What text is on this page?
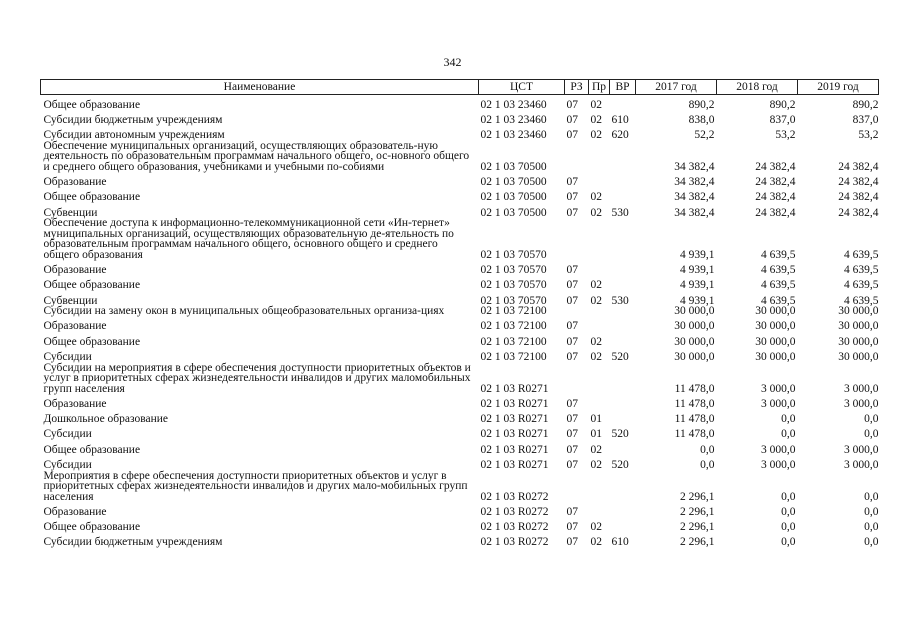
342
Наименование	ЦСТ	РЗ	Пр	ВР	2017 год	2018 год	2019 год
Общее образование	02 1 03 23460	07	02		890,2	890,2	890,2
Субсидии бюджетным учреждениям	02 1 03 23460	07	02	610	838,0	837,0	837,0
Субсидии автономным учреждениям	02 1 03 23460	07	02	620	52,2	53,2	53,2
Обеспечение муниципальных организаций, осуществляющих образователь-ную деятельность по образовательным программам начального общего, ос-новного общего и среднего общего образования, учебниками и учебными по-собиями	02 1 03 70500				34 382,4	24 382,4	24 382,4
Образование	02 1 03 70500	07			34 382,4	24 382,4	24 382,4
Общее образование	02 1 03 70500	07	02		34 382,4	24 382,4	24 382,4
Субвенции	02 1 03 70500	07	02	530	34 382,4	24 382,4	24 382,4
Обеспечение доступа к информационно-телекоммуникационной сети «Ин-тернет» муниципальных организаций, осуществляющих образовательную де-ятельность по образовательным программам начального общего, основного общего и среднего общего образования	02 1 03 70570				4 939,1	4 639,5	4 639,5
Образование	02 1 03 70570	07			4 939,1	4 639,5	4 639,5
Общее образование	02 1 03 70570	07	02		4 939,1	4 639,5	4 639,5
Субвенции	02 1 03 70570	07	02	530	4 939,1	4 639,5	4 639,5
Субсидии на замену окон в муниципальных общеобразовательных организа-циях	02 1 03 72100				30 000,0	30 000,0	30 000,0
Образование	02 1 03 72100	07			30 000,0	30 000,0	30 000,0
Общее образование	02 1 03 72100	07	02		30 000,0	30 000,0	30 000,0
Субсидии	02 1 03 72100	07	02	520	30 000,0	30 000,0	30 000,0
Субсидии на мероприятия в сфере обеспечения доступности приоритетных объектов и услуг в приоритетных сферах жизнедеятельности инвалидов и других маломобильных групп населения	02 1 03 R0271				11 478,0	3 000,0	3 000,0
Образование	02 1 03 R0271	07			11 478,0	3 000,0	3 000,0
Дошкольное образование	02 1 03 R0271	07	01		11 478,0	0,0	0,0
Субсидии	02 1 03 R0271	07	01	520	11 478,0	0,0	0,0
Общее образование	02 1 03 R0271	07	02		0,0	3 000,0	3 000,0
Субсидии	02 1 03 R0271	07	02	520	0,0	3 000,0	3 000,0
Мероприятия в сфере обеспечения доступности приоритетных объектов и услуг в приоритетных сферах жизнедеятельности инвалидов и других мало-мобильных групп населения	02 1 03 R0272				2 296,1	0,0	0,0
Образование	02 1 03 R0272	07			2 296,1	0,0	0,0
Общее образование	02 1 03 R0272	07	02		2 296,1	0,0	0,0
Субсидии бюджетным учреждениям	02 1 03 R0272	07	02	610	2 296,1	0,0	0,0
